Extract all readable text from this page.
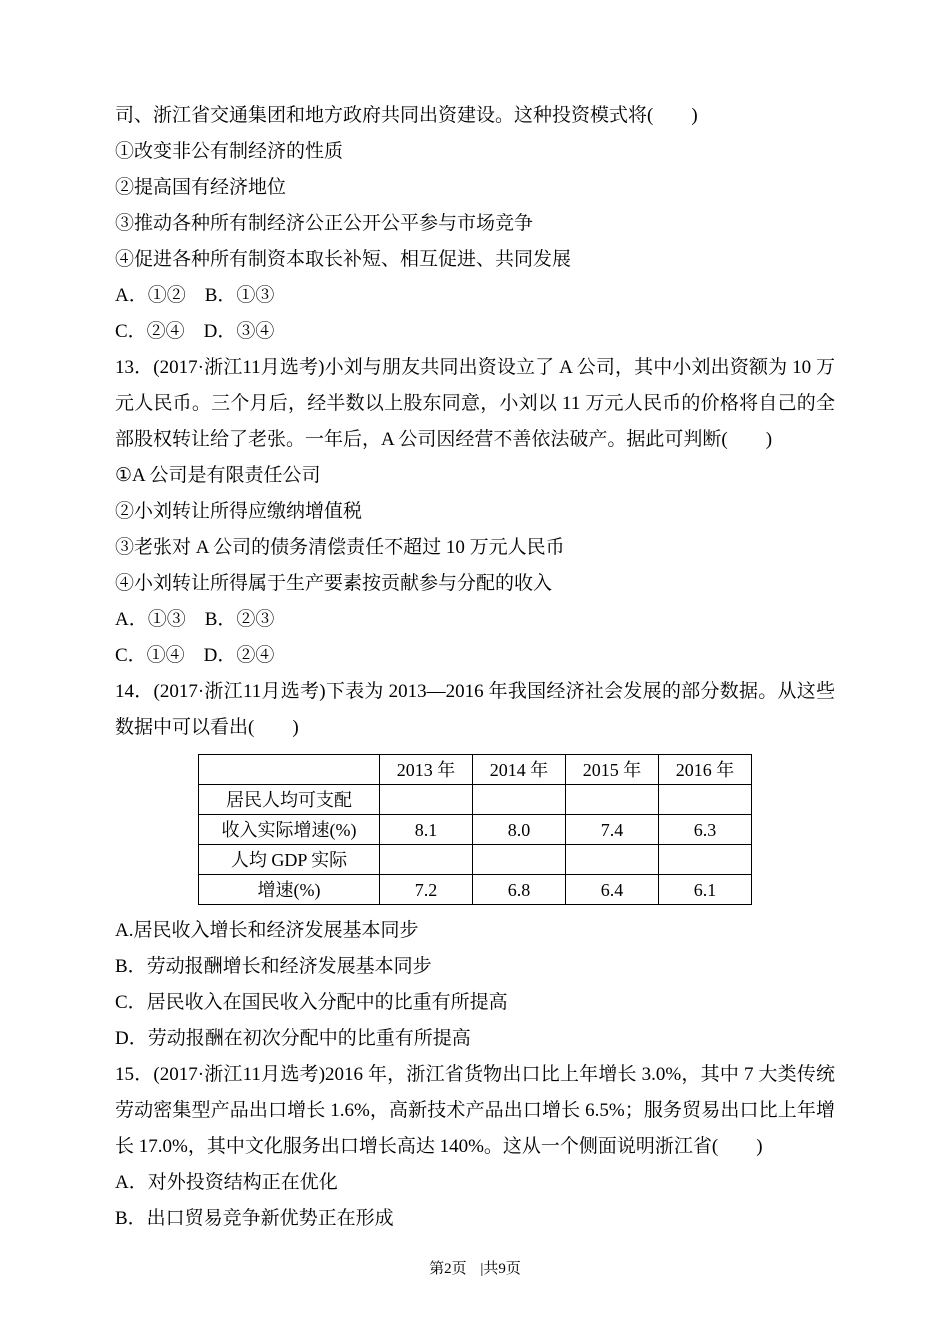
司、浙江省交通集团和地方政府共同出资建设。这种投资模式将(　　)

①改变非公有制经济的性质

②提高国有经济地位

③推动各种所有制经济公正公开公平参与市场竞争

④促进各种所有制资本取长补短、相互促进、共同发展

A．①②　B．①③

C．②④　D．③④

13．(2017·浙江11月选考)小刘与朋友共同出资设立了 A 公司，其中小刘出资额为 10 万元人民币。三个月后，经半数以上股东同意，小刘以 11 万元人民币的价格将自己的全部股权转让给了老张。一年后，A 公司因经营不善依法破产。据此可判断(　　)

①A 公司是有限责任公司

②小刘转让所得应缴纳增值税

③老张对 A 公司的债务清偿责任不超过 10 万元人民币

④小刘转让所得属于生产要素按贡献参与分配的收入

A．①③　B．②③

C．①④　D．②④

14．(2017·浙江11月选考)下表为 2013—2016 年我国经济社会发展的部分数据。从这些数据中可以看出(　　)

	2013 年	2014 年	2015 年	2016 年
居民人均可支配				
收入实际增速(%)	8.1	8.0	7.4	6.3
人均 GDP 实际				
增速(%)	7.2	6.8	6.4	6.1

A.居民收入增长和经济发展基本同步

B．劳动报酬增长和经济发展基本同步

C．居民收入在国民收入分配中的比重有所提高

D．劳动报酬在初次分配中的比重有所提高

15．(2017·浙江11月选考)2016 年，浙江省货物出口比上年增长 3.0%，其中 7 大类传统劳动密集型产品出口增长 1.6%，高新技术产品出口增长 6.5%；服务贸易出口比上年增长 17.0%，其中文化服务出口增长高达 140%。这从一个侧面说明浙江省(　　)

A．对外投资结构正在优化

B．出口贸易竞争新优势正在形成

第2页 |共9页
